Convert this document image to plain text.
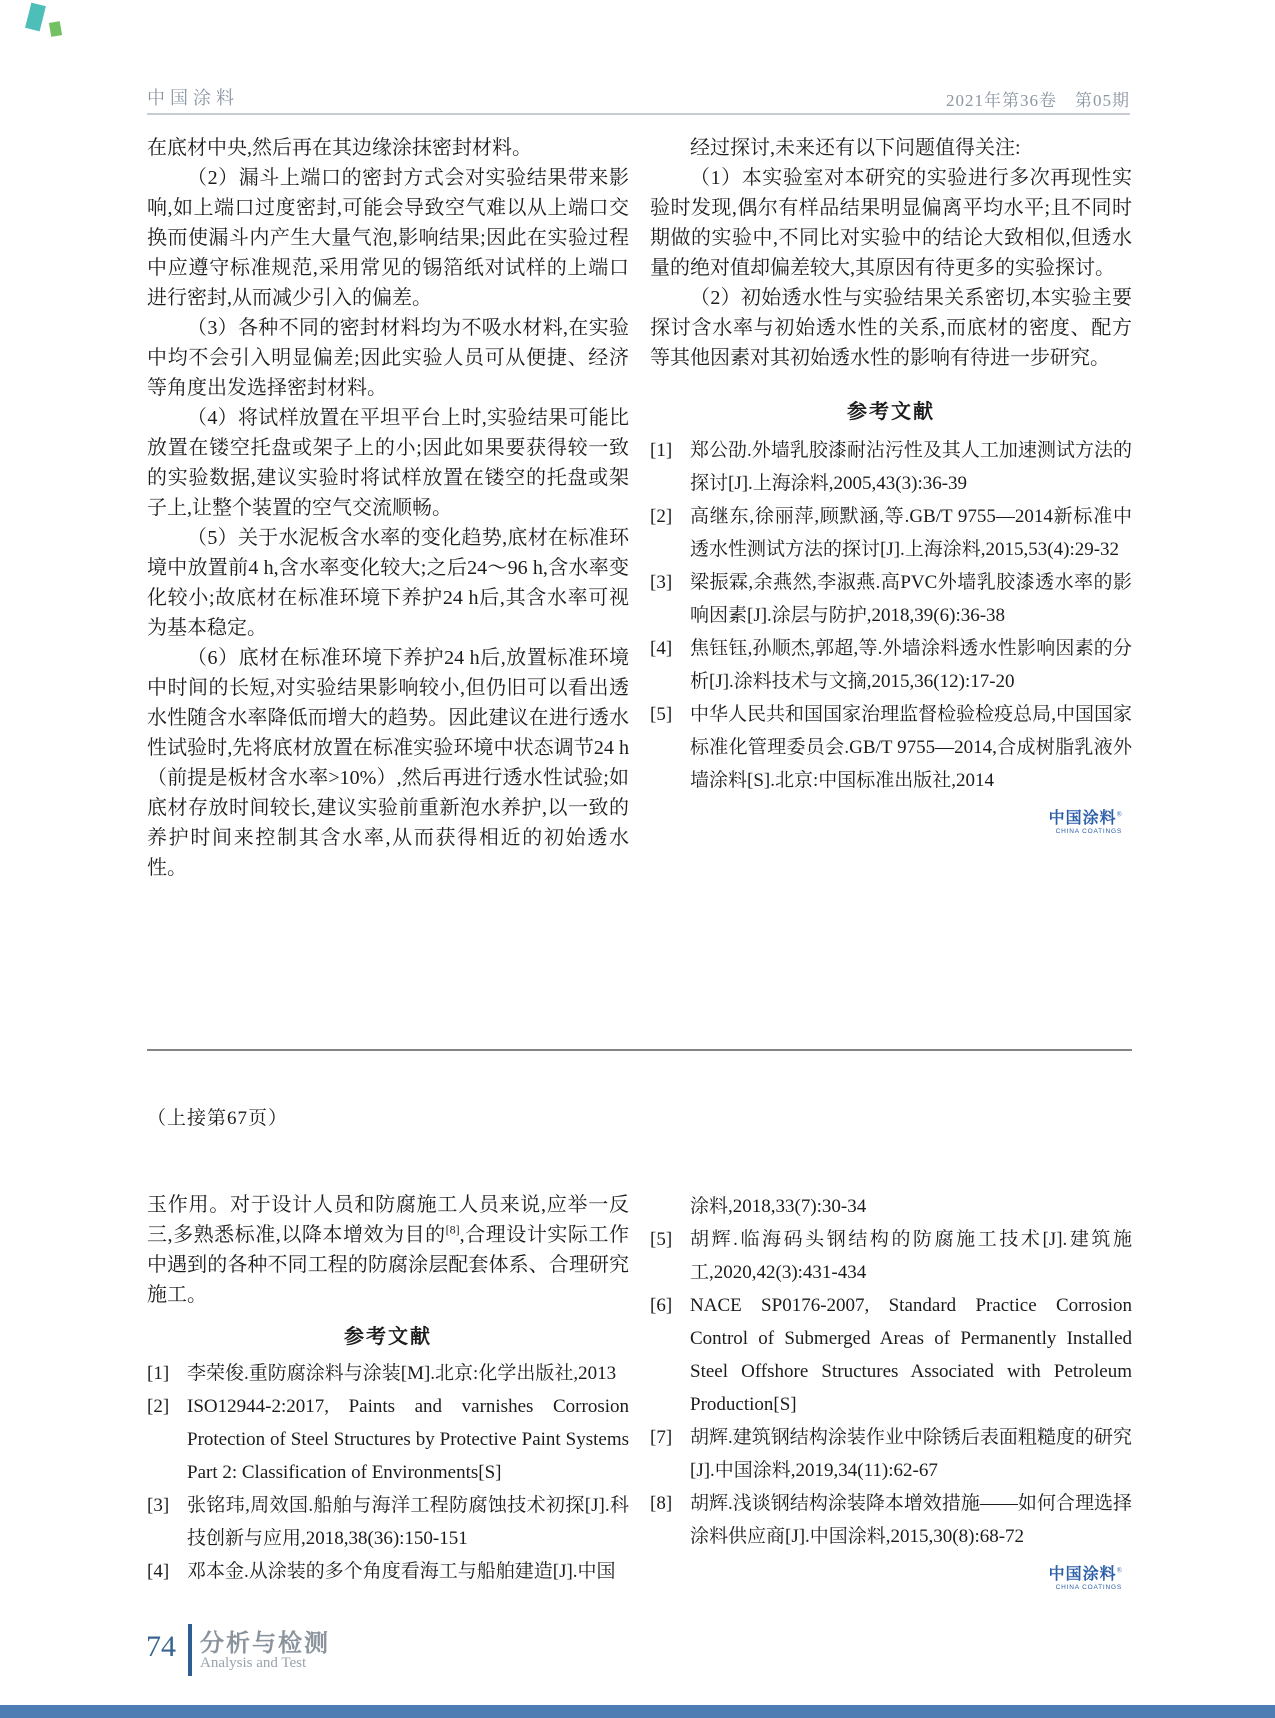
中国涂料	2021年第36卷　第05期

在底材中央,然后再在其边缘涂抹密封材料。

（2）漏斗上端口的密封方式会对实验结果带来影响,如上端口过度密封,可能会导致空气难以从上端口交换而使漏斗内产生大量气泡,影响结果;因此在实验过程中应遵守标准规范,采用常见的锡箔纸对试样的上端口进行密封,从而减少引入的偏差。

（3）各种不同的密封材料均为不吸水材料,在实验中均不会引入明显偏差;因此实验人员可从便捷、经济等角度出发选择密封材料。

（4）将试样放置在平坦平台上时,实验结果可能比放置在镂空托盘或架子上的小;因此如果要获得较一致的实验数据,建议实验时将试样放置在镂空的托盘或架子上,让整个装置的空气交流顺畅。

（5）关于水泥板含水率的变化趋势,底材在标准环境中放置前4 h,含水率变化较大;之后24～96 h,含水率变化较小;故底材在标准环境下养护24 h后,其含水率可视为基本稳定。

（6）底材在标准环境下养护24 h后,放置标准环境中时间的长短,对实验结果影响较小,但仍旧可以看出透水性随含水率降低而增大的趋势。因此建议在进行透水性试验时,先将底材放置在标准实验环境中状态调节24 h（前提是板材含水率>10%）,然后再进行透水性试验;如底材存放时间较长,建议实验前重新泡水养护,以一致的养护时间来控制其含水率,从而获得相近的初始透水性。

经过探讨,未来还有以下问题值得关注:

（1）本实验室对本研究的实验进行多次再现性实验时发现,偶尔有样品结果明显偏离平均水平;且不同时期做的实验中,不同比对实验中的结论大致相似,但透水量的绝对值却偏差较大,其原因有待更多的实验探讨。

（2）初始透水性与实验结果关系密切,本实验主要探讨含水率与初始透水性的关系,而底材的密度、配方等其他因素对其初始透水性的影响有待进一步研究。

参考文献
[1] 郑公劭.外墙乳胶漆耐沾污性及其人工加速测试方法的探讨[J].上海涂料,2005,43(3):36-39
[2] 高继东,徐丽萍,顾默涵,等.GB/T 9755—2014新标准中透水性测试方法的探讨[J].上海涂料,2015,53(4):29-32
[3] 梁振霖,余燕然,李淑燕.高PVC外墙乳胶漆透水率的影响因素[J].涂层与防护,2018,39(6):36-38
[4] 焦钰钰,孙顺杰,郭超,等.外墙涂料透水性影响因素的分析[J].涂料技术与文摘,2015,36(12):17-20
[5] 中华人民共和国国家治理监督检验检疫总局,中国国家标准化管理委员会.GB/T 9755—2014,合成树脂乳液外墙涂料[S].北京:中国标准出版社,2014
中国涂料®
CHINA COATINGS
（上接第67页）

玉作用。对于设计人员和防腐施工人员来说,应举一反三,多熟悉标准,以降本增效为目的[8],合理设计实际工作中遇到的各种不同工程的防腐涂层配套体系、合理研究施工。

参考文献
[1] 李荣俊.重防腐涂料与涂装[M].北京:化学出版社,2013
[2] ISO12944-2:2017, Paints and varnishes Corrosion Protection of Steel Structures by Protective Paint Systems Part 2: Classification of Environments[S]
[3] 张铭玮,周效国.船舶与海洋工程防腐蚀技术初探[J].科技创新与应用,2018,38(36):150-151
[4] 邓本金.从涂装的多个角度看海工与船舶建造[J].中国
涂料,2018,33(7):30-34
[5] 胡辉.临海码头钢结构的防腐施工技术[J].建筑施工,2020,42(3):431-434
[6] NACE SP0176-2007, Standard Practice Corrosion Control of Submerged Areas of Permanently Installed Steel Offshore Structures Associated with Petroleum Production[S]
[7] 胡辉.建筑钢结构涂装作业中除锈后表面粗糙度的研究[J].中国涂料,2019,34(11):62-67
[8] 胡辉.浅谈钢结构涂装降本增效措施——如何合理选择涂料供应商[J].中国涂料,2015,30(8):68-72
中国涂料®
CHINA COATINGS
74 分析与检测
Analysis and Test
